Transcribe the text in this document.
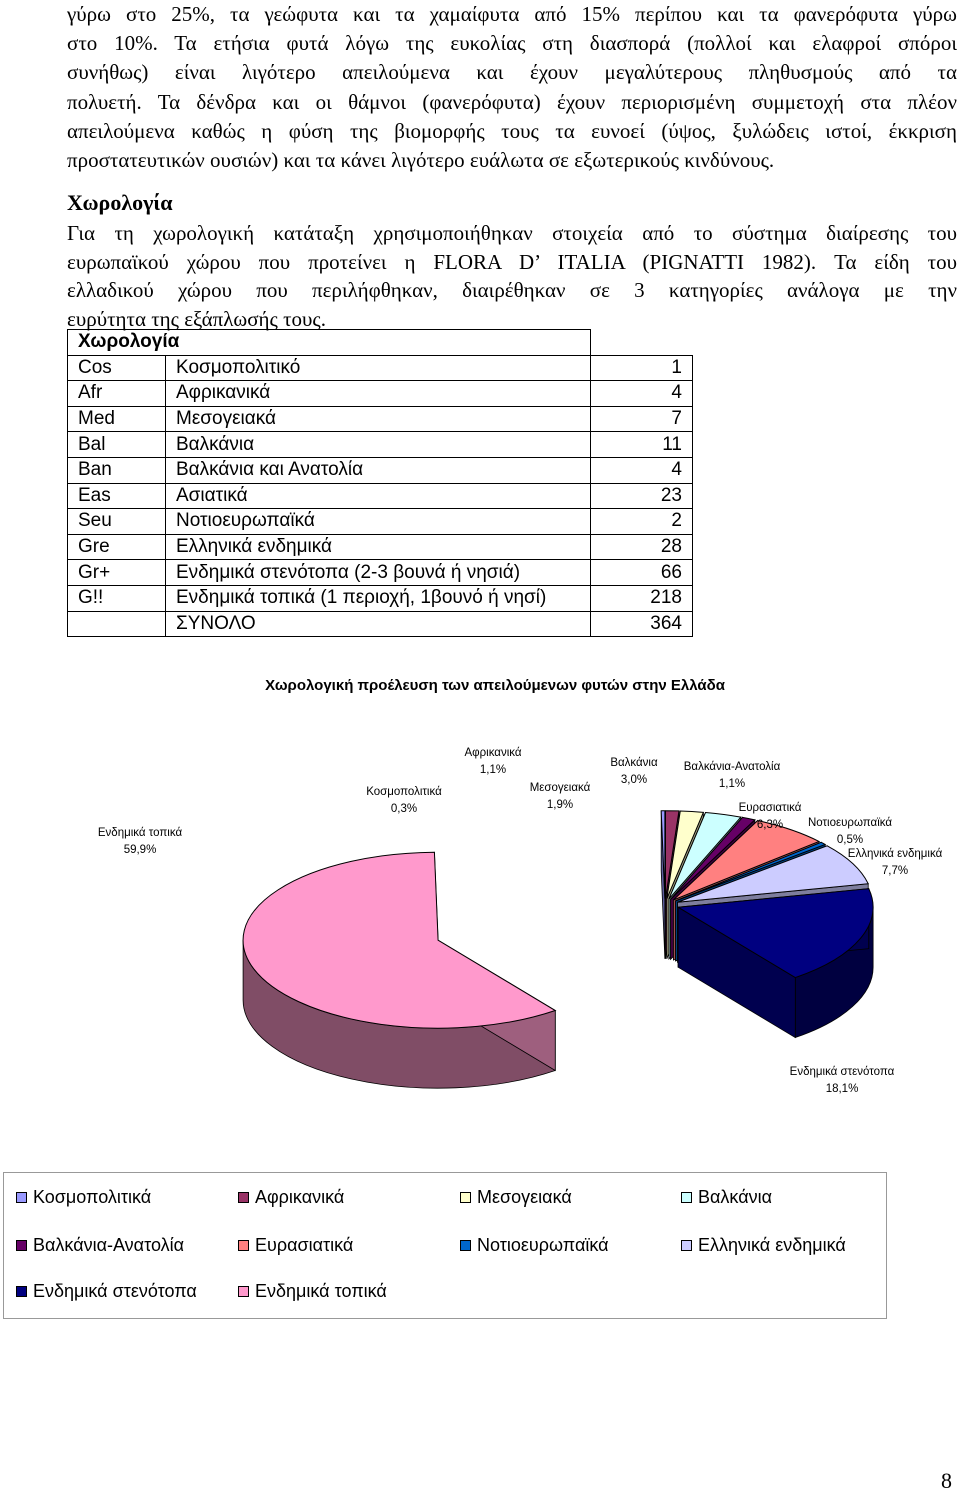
γύρω στο 25%, τα γεώφυτα και τα χαμαίφυτα από 15% περίπου και τα φανερόφυτα γύρω

στο 10%. Τα ετήσια φυτά λόγω της ευκολίας στη διασπορά (πολλοί και ελαφροί σπόροι

συνήθως) είναι λιγότερο απειλούμενα και έχουν μεγαλύτερους πληθυσμούς από τα

πολυετή. Τα δένδρα και οι θάμνοι (φανερόφυτα) έχουν περιορισμένη συμμετοχή στα πλέον

απειλούμενα καθώς η φύση της βιομορφής τους τα ευνοεί (ύψος, ξυλώδεις ιστοί, έκκριση

προστατευτικών ουσιών) και τα κάνει λιγότερο ευάλωτα σε εξωτερικούς κινδύνους.

Χωρολογία

Για τη χωρολογική κατάταξη χρησιμοποιήθηκαν στοιχεία από το σύστημα διαίρεσης του

ευρωπαϊκού χώρου που προτείνει η FLORA D’ ITALIA (PIGNATTI 1982). Τα είδη του

ελλαδικού χώρου που περιλήφθηκαν, διαιρέθηκαν σε 3 κατηγορίες ανάλογα με την

ευρύτητα της εξάπλωσής τους.

Χωρολογία		
Cos	Κοσμοπολιτικό	1
Afr	Αφρικανικά	4
Med	Μεσογειακά	7
Bal	Βαλκάνια	11
Ban	Βαλκάνια και Ανατολία	4
Eas	Ασιατικά	23
Seu	Νοτιοευρωπαϊκά	2
Gre	Ελληνικά ενδημικά	28
Gr+	Ενδημικά στενότοπα (2-3 βουνά ή νησιά)	66
G!!	Ενδημικά τοπικά (1 περιοχή, 1βουνό ή νησί)	218
	ΣΥΝΟΛΟ	364
Χωρολογική προέλευση των απειλούμενων φυτών στην Ελλάδα
Ενδημικά τοπικά
59,9%
Κοσμοπολιτικά
0,3%
Αφρικανικά
1,1%
Μεσογειακά
1,9%
Βαλκάνια
3,0%
Βαλκάνια-Ανατολία
1,1%
Ευρασιατικά
6,3%	Νοτιοευρωπαϊκά
0,5%
Ελληνικά ενδημικά
7,7%
Ενδημικά στενότοπα
18,1%
Κοσμοπολιτικά	Αφρικανικά	Μεσογειακά	Βαλκάνια
Βαλκάνια-Ανατολία	Ευρασιατικά	Νοτιοευρωπαϊκά	Ελληνικά ενδημικά
Ενδημικά στενότοπα	Ενδημικά τοπικά
8
